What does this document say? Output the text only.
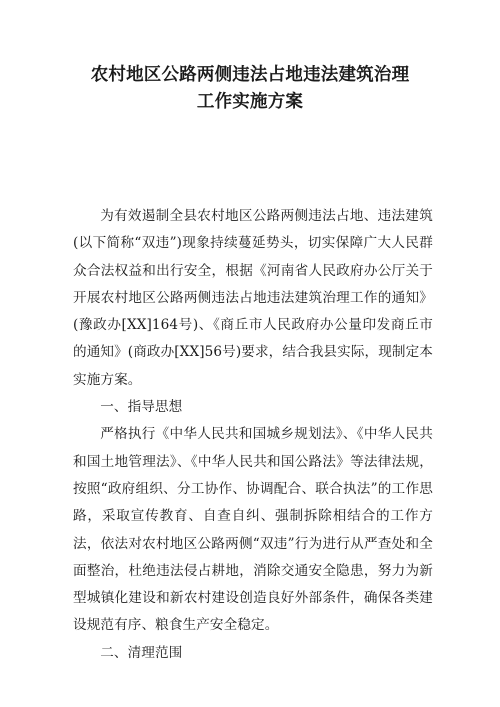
农村地区公路两侧违法占地违法建筑治理
工作实施方案

为有效遏制全县农村地区公路两侧违法占地、违法建筑(以下简称“双违”)现象持续蔓延势头，切实保障广大人民群众合法权益和出行安全，根据《河南省人民政府办公厅关于开展农村地区公路两侧违法占地违法建筑治理工作的通知》(豫政办[XX]164号)、《商丘市人民政府办公量印发商丘市的通知》(商政办[XX]56号)要求，结合我县实际，现制定本实施方案。

一、指导思想

严格执行《中华人民共和国城乡规划法》、《中华人民共和国土地管理法》、《中华人民共和国公路法》等法律法规，按照“政府组织、分工协作、协调配合、联合执法”的工作思路，采取宣传教育、自查自纠、强制拆除相结合的工作方法，依法对农村地区公路两侧“双违”行为进行从严查处和全面整治，杜绝违法侵占耕地，消除交通安全隐患，努力为新型城镇化建设和新农村建设创造良好外部条件，确保各类建设规范有序、粮食生产安全稳定。

二、清理范围
